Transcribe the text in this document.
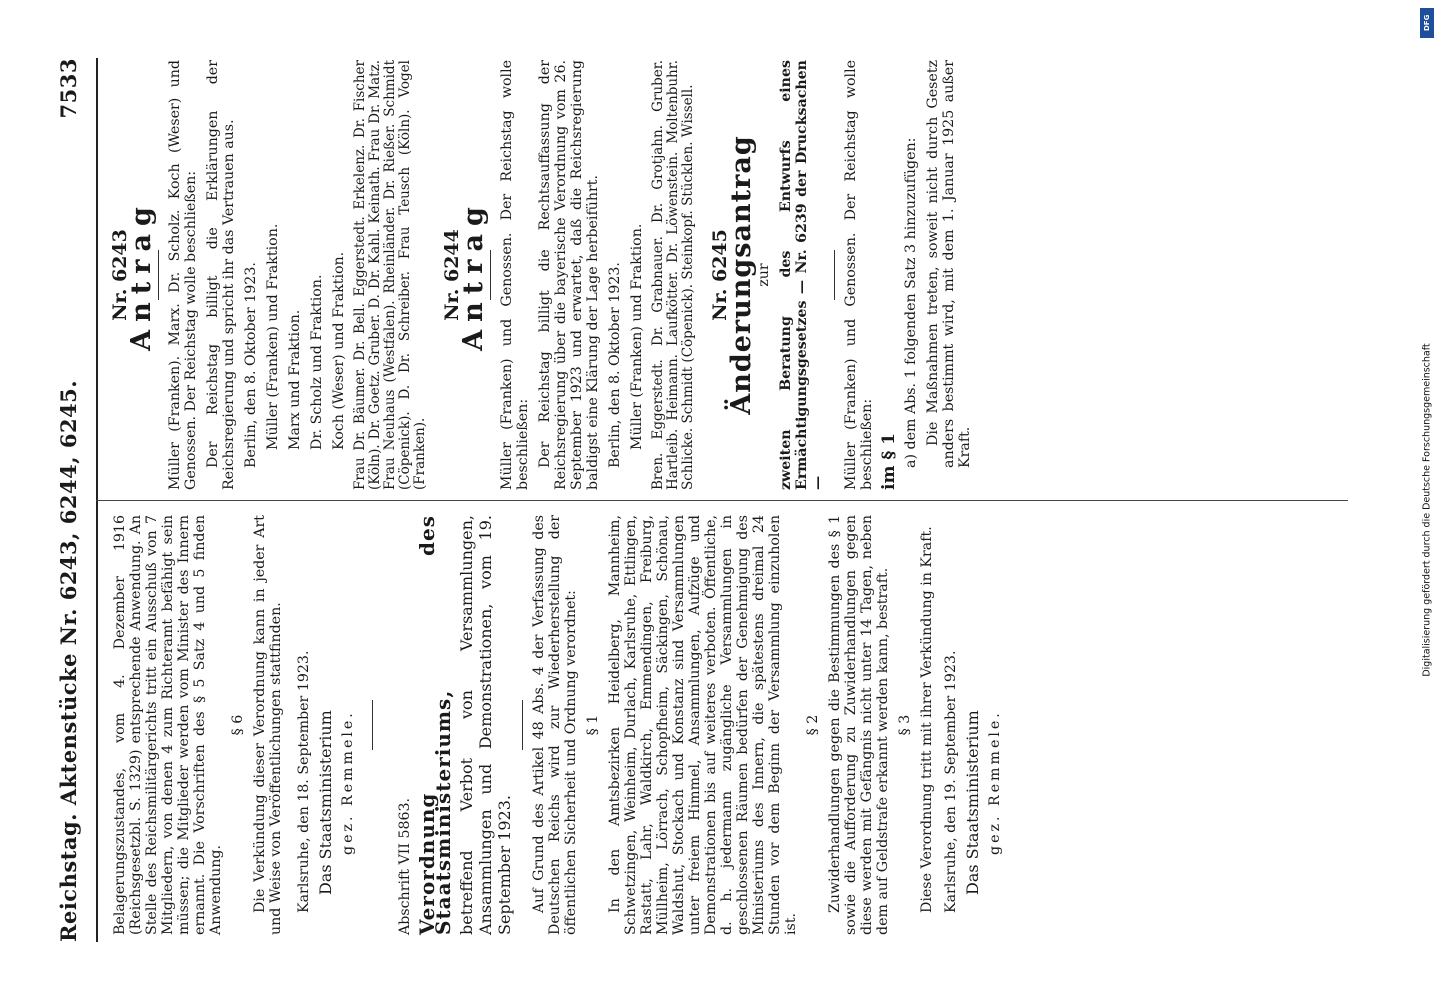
Reichstag. Aktenstücke Nr. 6243, 6244, 6245.
7533

Belagerungszustandes, vom 4. Dezember 1916 (Reichsgesetzbl. S. 1329) entsprechende Anwendung. An Stelle des Reichsmilitärgerichts tritt ein Ausschuß von 7 Mitgliedern, von denen 4 zum Richteramt befähigt sein müssen; die Mitglieder werden vom Minister des Innern ernannt. Die Vorschriften des § 5 Satz 4 und 5 finden Anwendung.

§ 6 Die Verkündung dieser Verordnung kann in jeder Art und Weise von Veröffentlichungen stattfinden. Karlsruhe, den 18. September 1923. Das Staatsministerium gez. Remmele.

Abschrift VII 5863. Verordnung des Staatsministeriums, betreffend Verbot von Versammlungen, Ansammlungen und Demonstrationen, vom 19. September 1923. Auf Grund des Artikel 48 Abs. 4 der Verfassung des Deutschen Reichs wird zur Wiederherstellung der öffentlichen Sicherheit und Ordnung verordnet: § 1 In den Amtsbezirken Heidelberg, Mannheim, Schwetzingen, Weinheim, Durlach, Karlsruhe, Ettlingen, Rastatt, Lahr, Waldkirch, Emmendingen, Freiburg, Müllheim, Lörrach, Schopfheim, Säckingen, Schönau, Waldshut, Stockach und Konstanz sind Versammlungen unter freiem Himmel, Ansammlungen, Aufzüge und Demonstrationen bis auf weiteres verboten. Öffentliche, d. h. jedermann zugängliche Versammlungen in geschlossenen Räumen bedürfen der Genehmigung des Ministeriums des Innern, die spätestens dreimal 24 Stunden vor dem Beginn der Versammlung einzuholen ist.

§ 2 Zuwiderhandlungen gegen die Bestimmungen des § 1 sowie die Aufforderung zu Zuwiderhandlungen gegen diese werden mit Gefängnis nicht unter 14 Tagen, neben dem auf Geldstrafe erkannt werden kann, bestraft. § 3 Diese Verordnung tritt mit ihrer Verkündung in Kraft. Karlsruhe, den 19. September 1923. Das Staatsministerium gez. Remmele.

Nr. 6243

Antrag Müller (Franken). Marx. Dr. Scholz. Koch (Weser) und Genossen. Der Reichstag wolle beschließen: Der Reichstag billigt die Erklärungen der Reichsregierung und spricht ihr das Vertrauen aus. Berlin, den 8. Oktober 1923. Müller (Franken) und Fraktion. Marx und Fraktion. Dr. Scholz und Fraktion. Koch (Weser) und Fraktion. Frau Dr. Bäumer. Dr. Bell. Eggerstedt. Erkelenz. Dr. Fischer (Köln). Dr. Goetz. Gruber. D. Dr. Kahl. Keinath. Frau Dr. Matz. Frau Neuhaus (Westfalen). Rheinländer. Dr. Rießer. Schmidt (Cöpenick). D. Dr. Schreiber. Frau Teusch (Köln). Vogel (Franken).

Nr. 6244

Antrag Müller (Franken) und Genossen. Der Reichstag wolle beschließen: Der Reichstag billigt die Rechtsauffassung der Reichsregierung über die bayerische Verordnung vom 26. September 1923 und erwartet, daß die Reichsregierung baldigst eine Klärung der Lage herbeiführt. Berlin, den 8. Oktober 1923. Müller (Franken) und Fraktion. Bren. Eggerstedt. Dr. Grabnauer. Dr. Grotjahn. Gruber. Hartleib. Heimann. Laufkötter. Dr. Löwenstein. Moltenbuhr. Schlicke. Schmidt (Cöpenick). Steinkopf. Stücklen. Wissell. Nr. 6245

Änderungsantrag zur zweiten Beratung des Entwurfs eines Ermächtigungsgesetzes — Nr. 6239 der Drucksachen — Müller (Franken) und Genossen. Der Reichstag wolle beschließen: im § 1 a) dem Abs. 1 folgenden Satz 3 hinzuzufügen: Die Maßnahmen treten, soweit nicht durch Gesetz anders bestimmt wird, mit dem 1. Januar 1925 außer Kraft.

DFG
Digitalisierung gefördert durch die Deutsche Forschungsgemeinschaft
